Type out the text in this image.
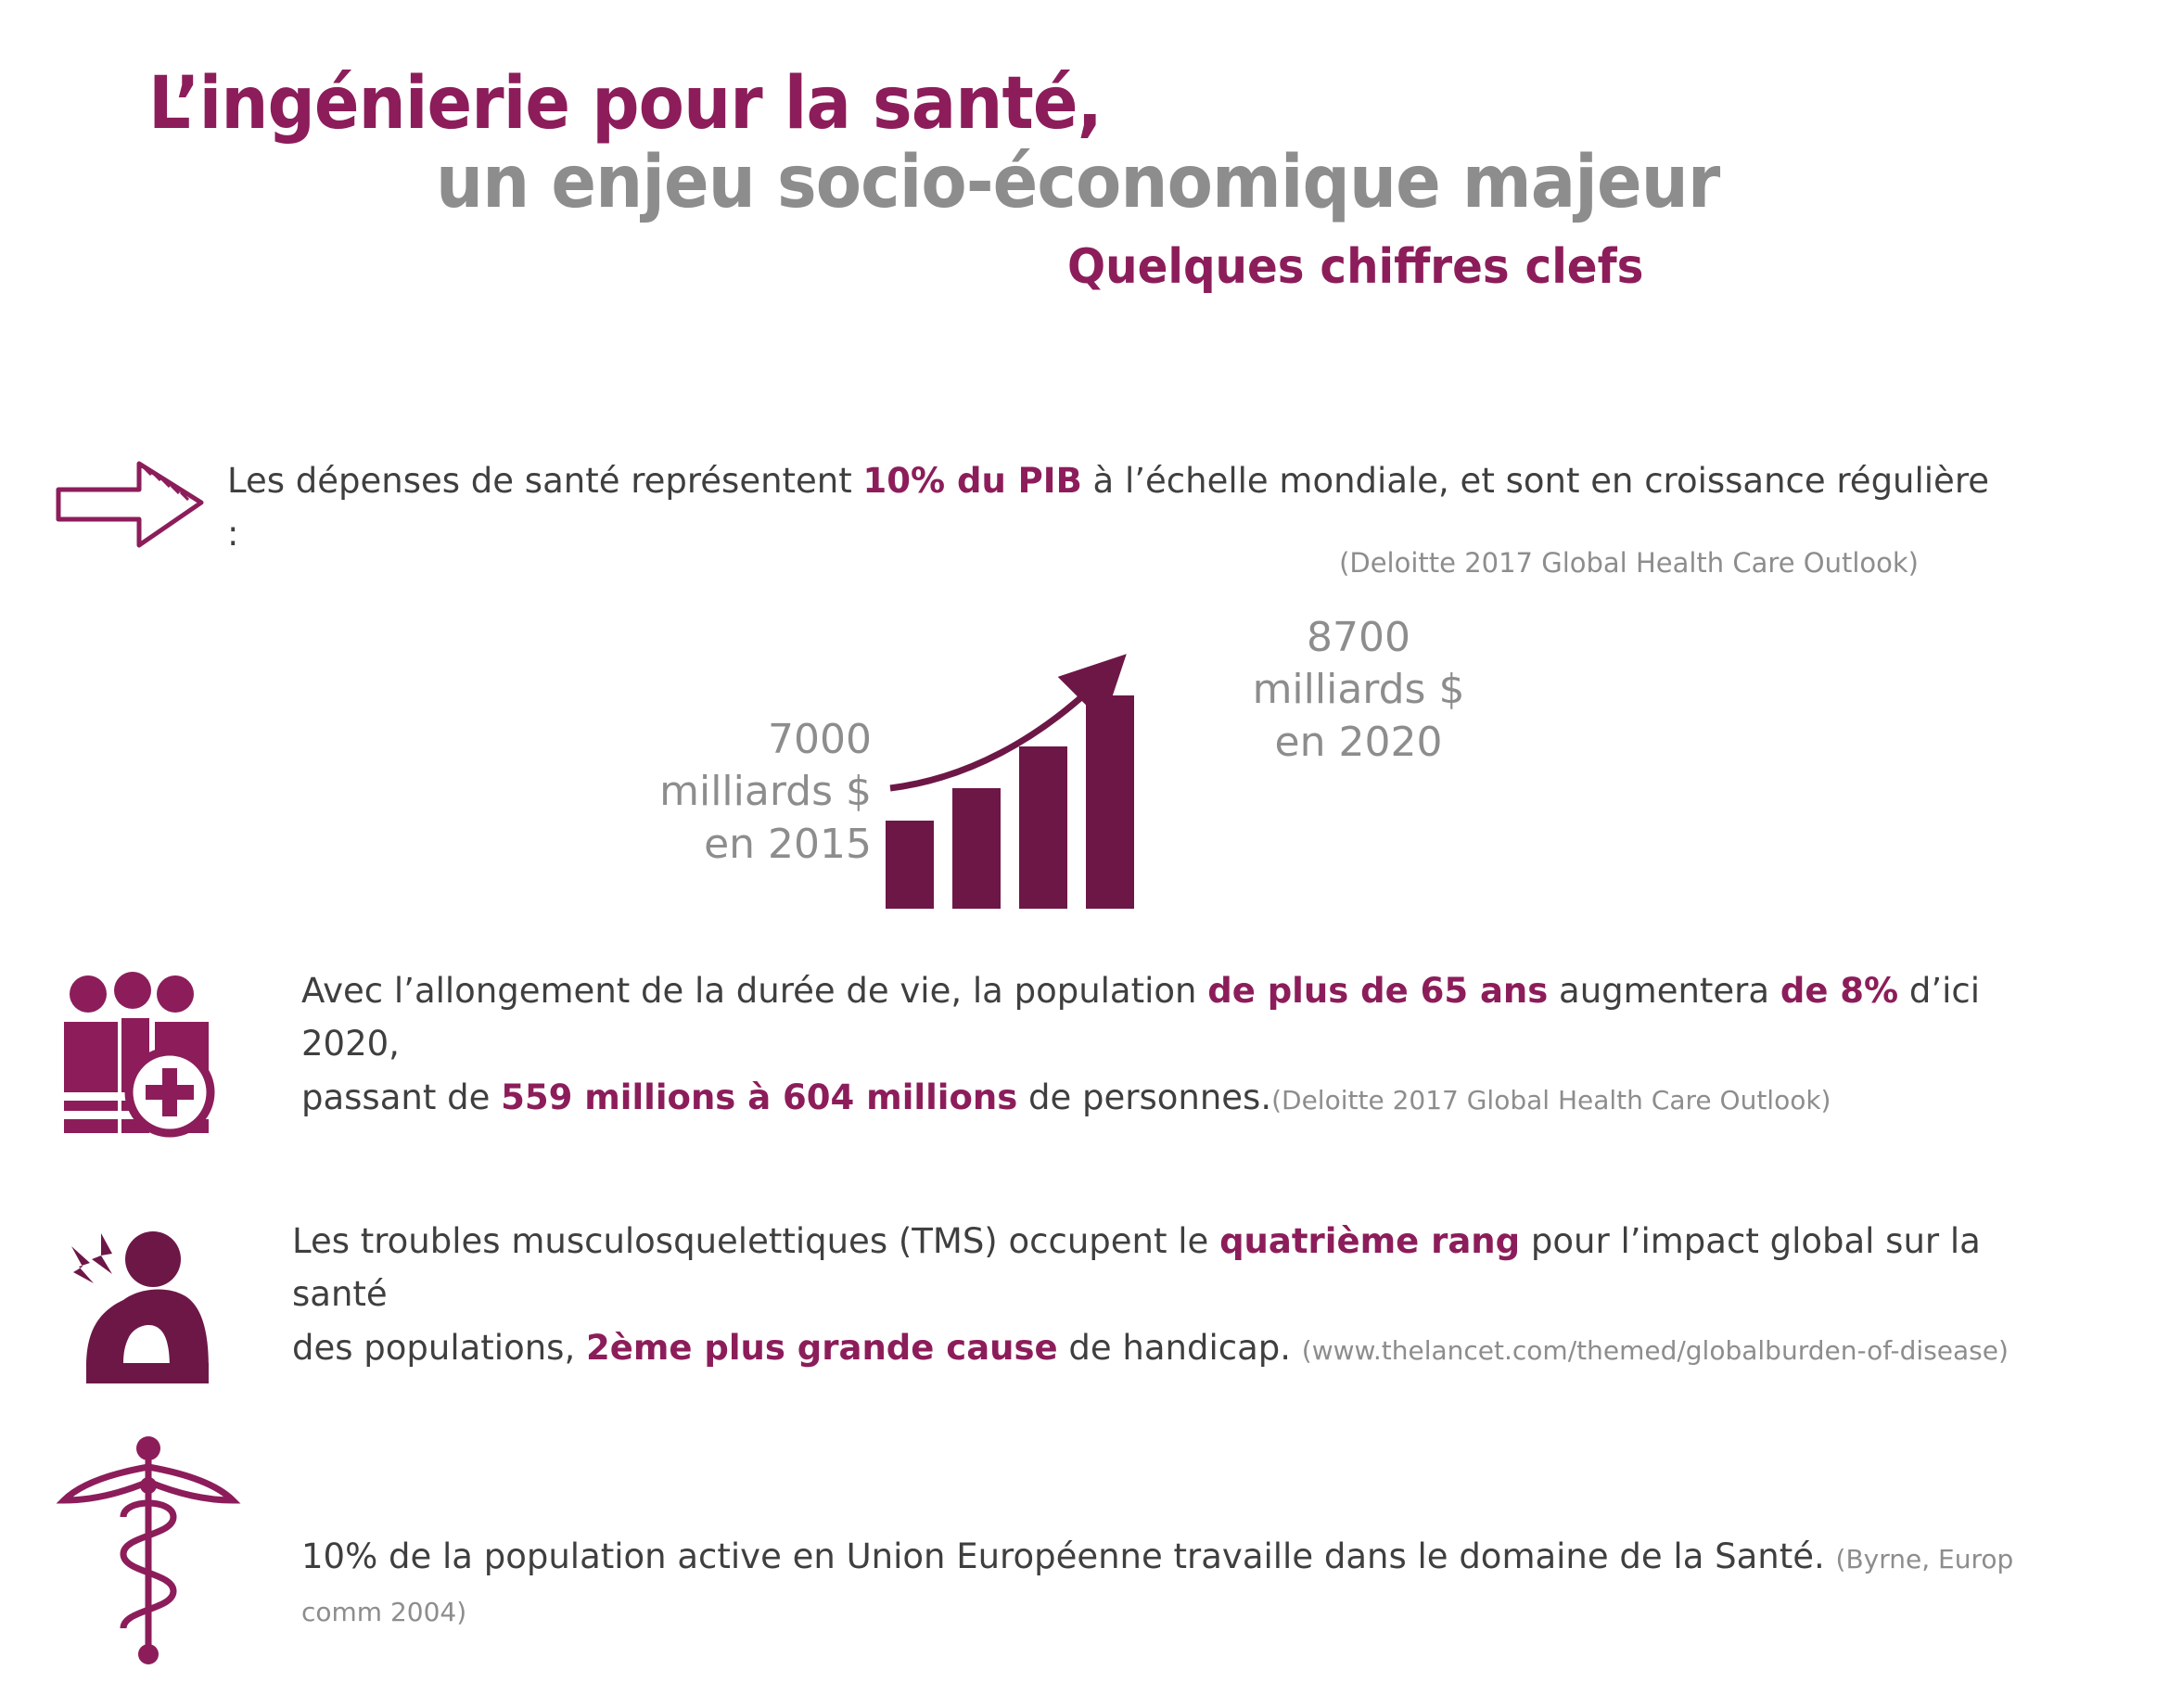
L’ingénierie pour la santé,
un enjeu socio-économique majeur
Quelques chiffres clefs
Les dépenses de santé représentent 10% du PIB à l’échelle mondiale, et sont en croissance régulière :
(Deloitte 2017 Global Health Care Outlook)
7000
milliards $
en 2015
8700
milliards $
en 2020
Avec l’allongement de la durée de vie, la population de plus de 65 ans augmentera de 8% d’ici 2020,
passant de 559 millions à 604 millions de personnes.(Deloitte 2017 Global Health Care Outlook)
Les troubles musculosquelettiques (TMS) occupent le quatrième rang pour l’impact global sur la santé
des populations, 2ème plus grande cause de handicap. (www.thelancet.com/themed/globalburden-of-disease)
10% de la population active en Union Européenne travaille dans le domaine de la Santé. (Byrne, Europ comm 2004)
